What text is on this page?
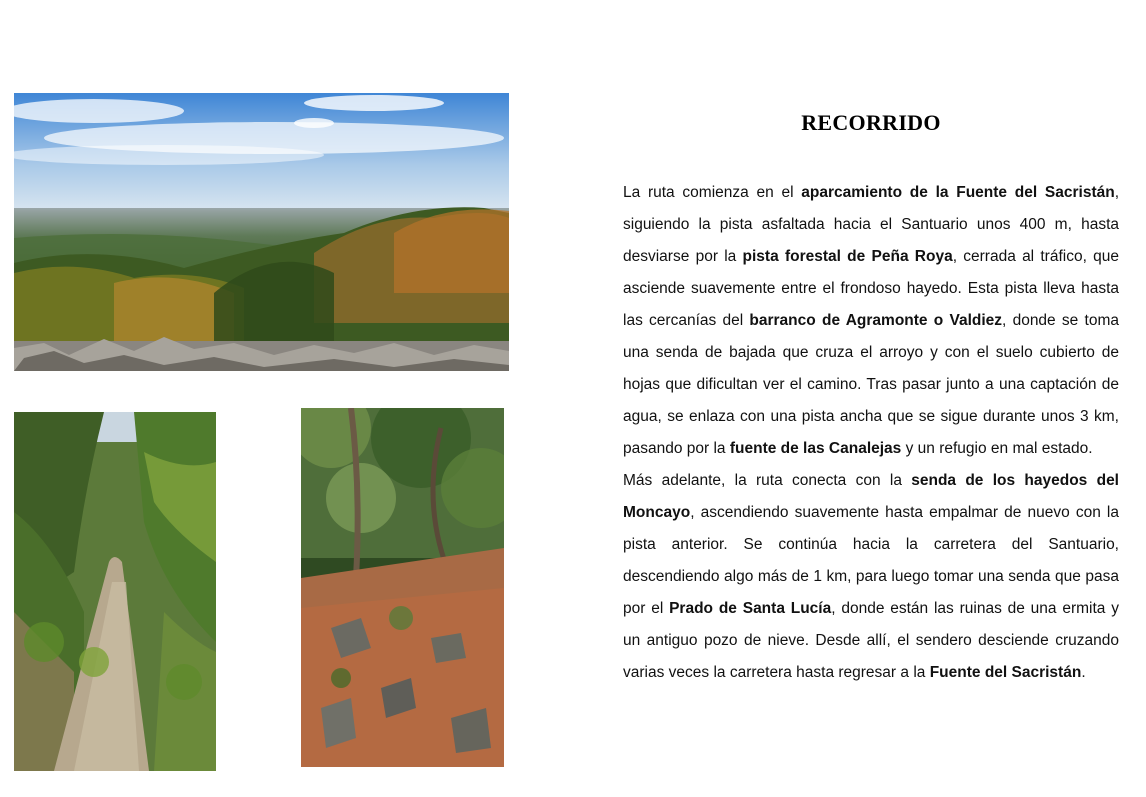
RECORRIDO

La ruta comienza en el aparcamiento de la Fuente del Sacristán, siguiendo la pista asfaltada hacia el Santuario unos 400 m, hasta desviarse por la pista forestal de Peña Roya, cerrada al tráfico, que asciende suavemente entre el frondoso hayedo. Esta pista lleva hasta las cercanías del barranco de Agramonte o Valdiez, donde se toma una senda de bajada que cruza el arroyo y con el suelo cubierto de hojas que dificultan ver el camino. Tras pasar junto a una captación de agua, se enlaza con una pista ancha que se sigue durante unos 3 km, pasando por la fuente de las Canalejas y un refugio en mal estado.

Más adelante, la ruta conecta con la senda de los hayedos del Moncayo, ascendiendo suavemente hasta empalmar de nuevo con la pista anterior. Se continúa hacia la carretera del Santuario, descendiendo algo más de 1 km, para luego tomar una senda que pasa por el Prado de Santa Lucía, donde están las ruinas de una ermita y un antiguo pozo de nieve. Desde allí, el sendero desciende cruzando varias veces la carretera hasta regresar a la Fuente del Sacristán.
